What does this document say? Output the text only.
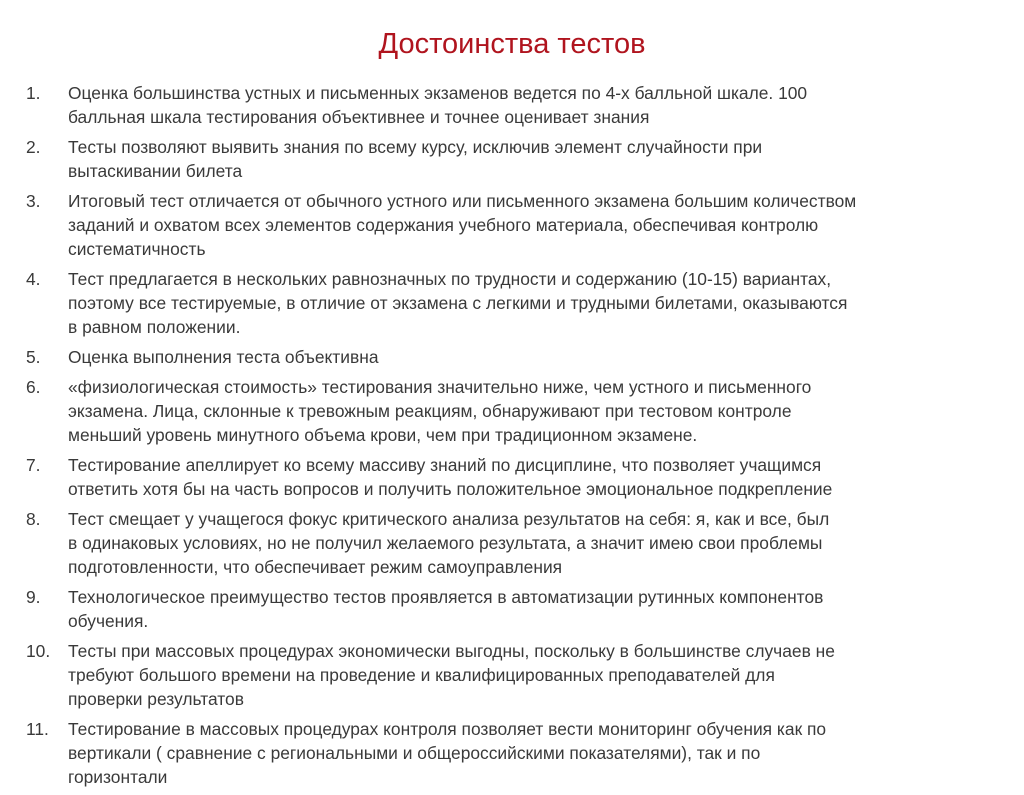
Достоинства тестов
1.	Оценка большинства устных и письменных экзаменов ведется по 4-х балльной шкале. 100
балльная шкала тестирования объективнее и точнее оценивает знания
2.	Тесты позволяют выявить знания по всему курсу, исключив элемент случайности при
вытаскивании билета
3.	Итоговый тест отличается от обычного устного или письменного экзамена большим количеством
заданий и охватом всех элементов содержания учебного материала, обеспечивая контролю
систематичность
4.	Тест предлагается в нескольких равнозначных по трудности и содержанию (10-15) вариантах,
поэтому все тестируемые, в отличие от экзамена с легкими и трудными билетами, оказываются
в равном положении.
5.	Оценка выполнения теста объективна
6.	«физиологическая стоимость» тестирования значительно ниже, чем устного и письменного
экзамена. Лица, склонные к тревожным реакциям, обнаруживают при тестовом контроле
меньший уровень минутного объема крови, чем при традиционном экзамене.
7.	Тестирование апеллирует ко всему массиву знаний по дисциплине, что позволяет учащимся
ответить хотя бы на часть вопросов и получить положительное эмоциональное подкрепление
8.	Тест смещает у учащегося фокус критического анализа результатов на себя: я, как и все, был
в одинаковых условиях, но не получил желаемого результата, а значит имею свои проблемы
подготовленности, что обеспечивает режим самоуправления
9.	Технологическое преимущество тестов проявляется в автоматизации рутинных компонентов
обучения.
10.	Тесты при массовых процедурах экономически выгодны, поскольку в большинстве случаев не
требуют большого времени на проведение и квалифицированных преподавателей для
проверки результатов
11.	Тестирование в массовых процедурах контроля позволяет вести мониторинг обучения как по
вертикали ( сравнение с региональными и общероссийскими показателями), так и по
горизонтали
